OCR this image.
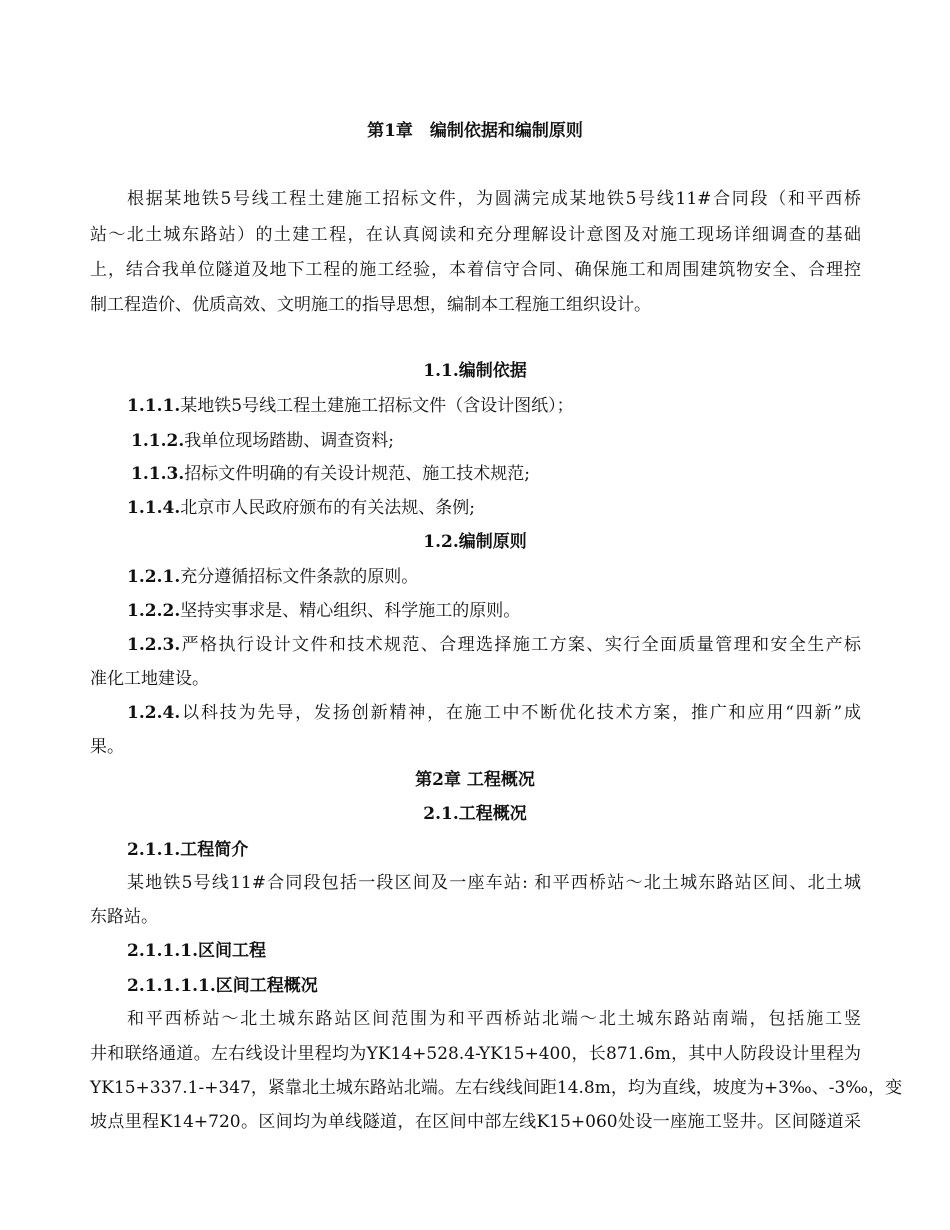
第1章　编制依据和编制原则
根据某地铁5号线工程土建施工招标文件，为圆满完成某地铁5号线11#合同段（和平西桥
站～北土城东路站）的土建工程，在认真阅读和充分理解设计意图及对施工现场详细调查的基础
上，结合我单位隧道及地下工程的施工经验，本着信守合同、确保施工和周围建筑物安全、合理控
制工程造价、优质高效、文明施工的指导思想，编制本工程施工组织设计。
1.1.编制依据
1.1.1.某地铁5号线工程土建施工招标文件（含设计图纸）；
1.1.2.我单位现场踏勘、调查资料;
1.1.3.招标文件明确的有关设计规范、施工技术规范;
1.1.4.北京市人民政府颁布的有关法规、条例;
1.2.编制原则
1.2.1.充分遵循招标文件条款的原则。
1.2.2.坚持实事求是、精心组织、科学施工的原则。
1.2.3.严格执行设计文件和技术规范、合理选择施工方案、实行全面质量管理和安全生产标
准化工地建设。
1.2.4.以科技为先导，发扬创新精神，在施工中不断优化技术方案，推广和应用“四新”成
果。
第2章 工程概况
2.1.工程概况
2.1.1.工程简介
某地铁5号线11#合同段包括一段区间及一座车站: 和平西桥站～北土城东路站区间、北土城
东路站。
2.1.1.1.区间工程
2.1.1.1.1.区间工程概况
和平西桥站～北土城东路站区间范围为和平西桥站北端～北土城东路站南端，包括施工竖
井和联络通道。左右线设计里程均为YK14+528.4-YK15+400，长871.6m，其中人防段设计里程为
YK15+337.1-+347，紧靠北土城东路站北端。左右线线间距14.8m，均为直线，坡度为+3‰、-3‰，变
坡点里程K14+720。区间均为单线隧道，在区间中部左线K15+060处设一座施工竖井。区间隧道采
